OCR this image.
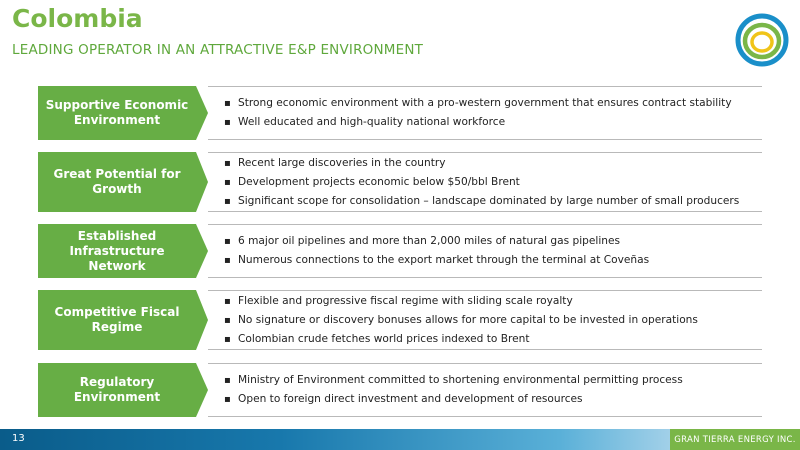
Colombia
LEADING OPERATOR IN AN ATTRACTIVE E&P ENVIRONMENT
Supportive Economic Environment
▪ Strong economic environment with a pro-western government that ensures contract stability
▪ Well educated and high-quality national workforce
Great Potential for Growth
▪ Recent large discoveries in the country
▪ Development projects economic below $50/bbl Brent
▪ Significant scope for consolidation – landscape dominated by large number of small producers
Established Infrastructure Network
▪ 6 major oil pipelines and more than 2,000 miles of natural gas pipelines
▪ Numerous connections to the export market through the terminal at Coveñas
Competitive Fiscal Regime
▪ Flexible and progressive fiscal regime with sliding scale royalty
▪ No signature or discovery bonuses allows for more capital to be invested in operations
▪ Colombian crude fetches world prices indexed to Brent
Regulatory Environment
▪ Ministry of Environment committed to shortening environmental permitting process
▪ Open to foreign direct investment and development of resources
13	GRAN TIERRA ENERGY INC.
